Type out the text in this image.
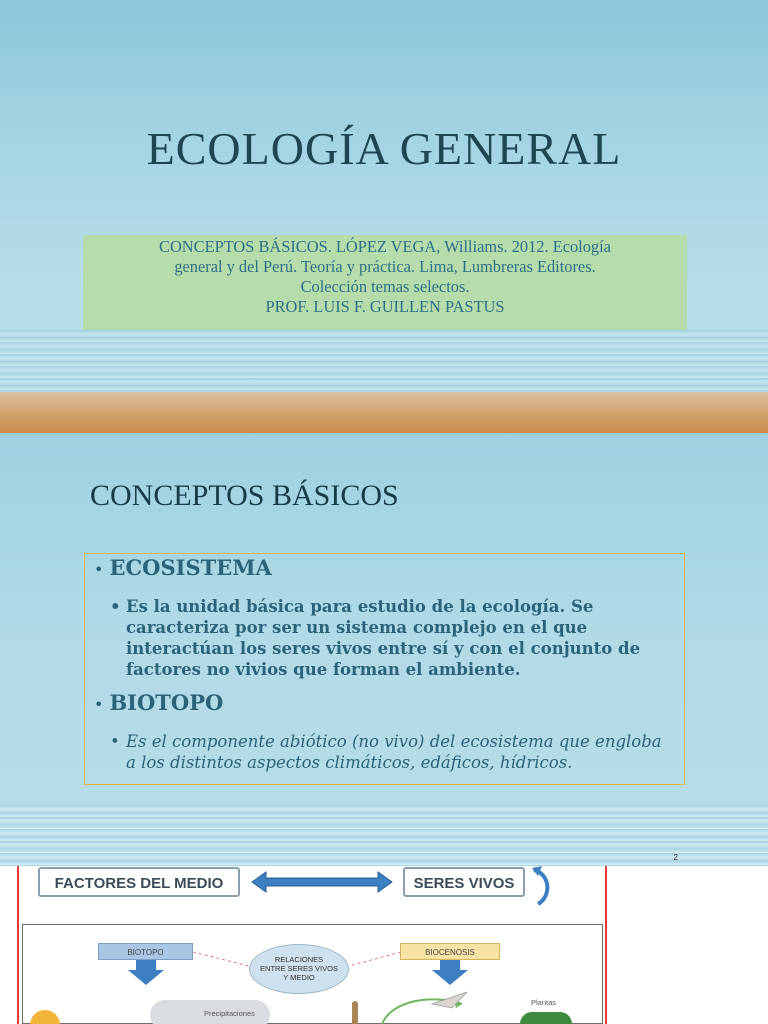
ECOLOGÍA GENERAL
CONCEPTOS BÁSICOS. LÓPEZ VEGA, Williams. 2012. Ecología
general y del Perú. Teoría y práctica. Lima, Lumbreras Editores.
Colección temas selectos.
PROF. LUIS F. GUILLEN PASTUS
CONCEPTOS BÁSICOS
• ECOSISTEMA
• Es la unidad básica para estudio de la ecología. Se
caracteriza por ser un sistema complejo en el que
interactúan los seres vivos entre sí y con el conjunto de
factores no vivios que forman el ambiente.
• BIOTOPO
• Es el componente abiótico (no vivo) del ecosistema que engloba
a los distintos aspectos climáticos, edáficos, hídricos.
2
FACTORES DEL MEDIO	SERES VIVOS
BIOTOPO	BIOCENOSIS
RELACIONES
ENTRE SERES VIVOS
Y MEDIO
Precipitaciones
Plantas
